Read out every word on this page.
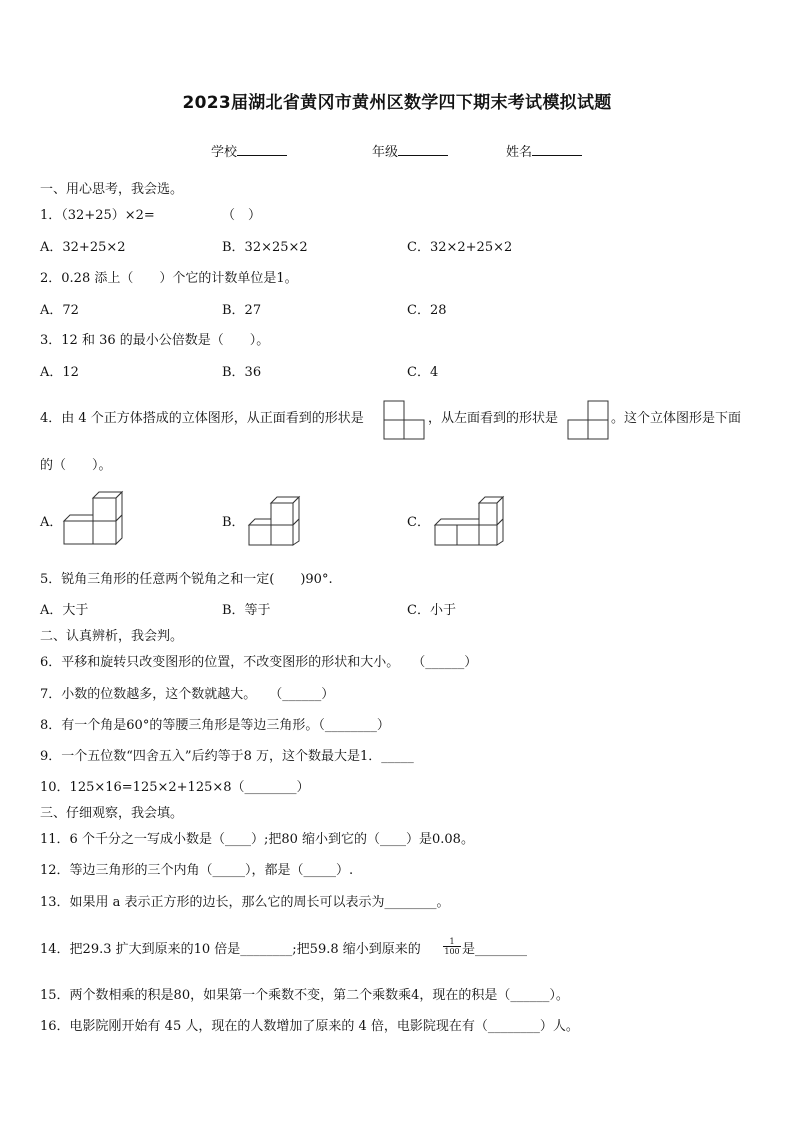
2023届湖北省黄冈市黄州区数学四下期末考试模拟试题
学校	年级	姓名
一、用心思考，我会选。
1．（32+25）×2=	（　）
A．32+25×2	B．32×25×2	C．32×2+25×2
2．0.28 添上（　　）个它的计数单位是1。
A．72	B．27	C．28
3．12 和 36 的最小公倍数是（　　）。
A．12	B．36	C．4
4．由 4 个正方体搭成的立体图形，从正面看到的形状是	，从左面看到的形状是	。这个立体图形是下面
的（　　）。
A．	B．	C．
5．锐角三角形的任意两个锐角之和一定(　　)90°.
A．大于	B．等于	C．小于
二、认真辨析，我会判。
6．平移和旋转只改变图形的位置，不改变图形的形状和大小。　　（______）
7．小数的位数越多，这个数就越大。　　（______）
8．有一个角是60°的等腰三角形是等边三角形。（________）
9．一个五位数“四舍五入”后约等于8 万，这个数最大是1．_____
10．125×16=125×2+125×8（________）
三、仔细观察，我会填。
11．6 个千分之一写成小数是（____）;把80 缩小到它的（____）是0.08。
12．等边三角形的三个内角（_____），都是（_____）.
13．如果用 a 表示正方形的边长，那么它的周长可以表示为________。
14．把29.3 扩大到原来的10 倍是________;把59.8 缩小到原来的	$\frac{1}{100}$ 是________
15．两个数相乘的积是80，如果第一个乘数不变，第二个乘数乘4，现在的积是（______）。
16．电影院刚开始有 45 人，现在的人数增加了原来的 4 倍，电影院现在有（________）人。
